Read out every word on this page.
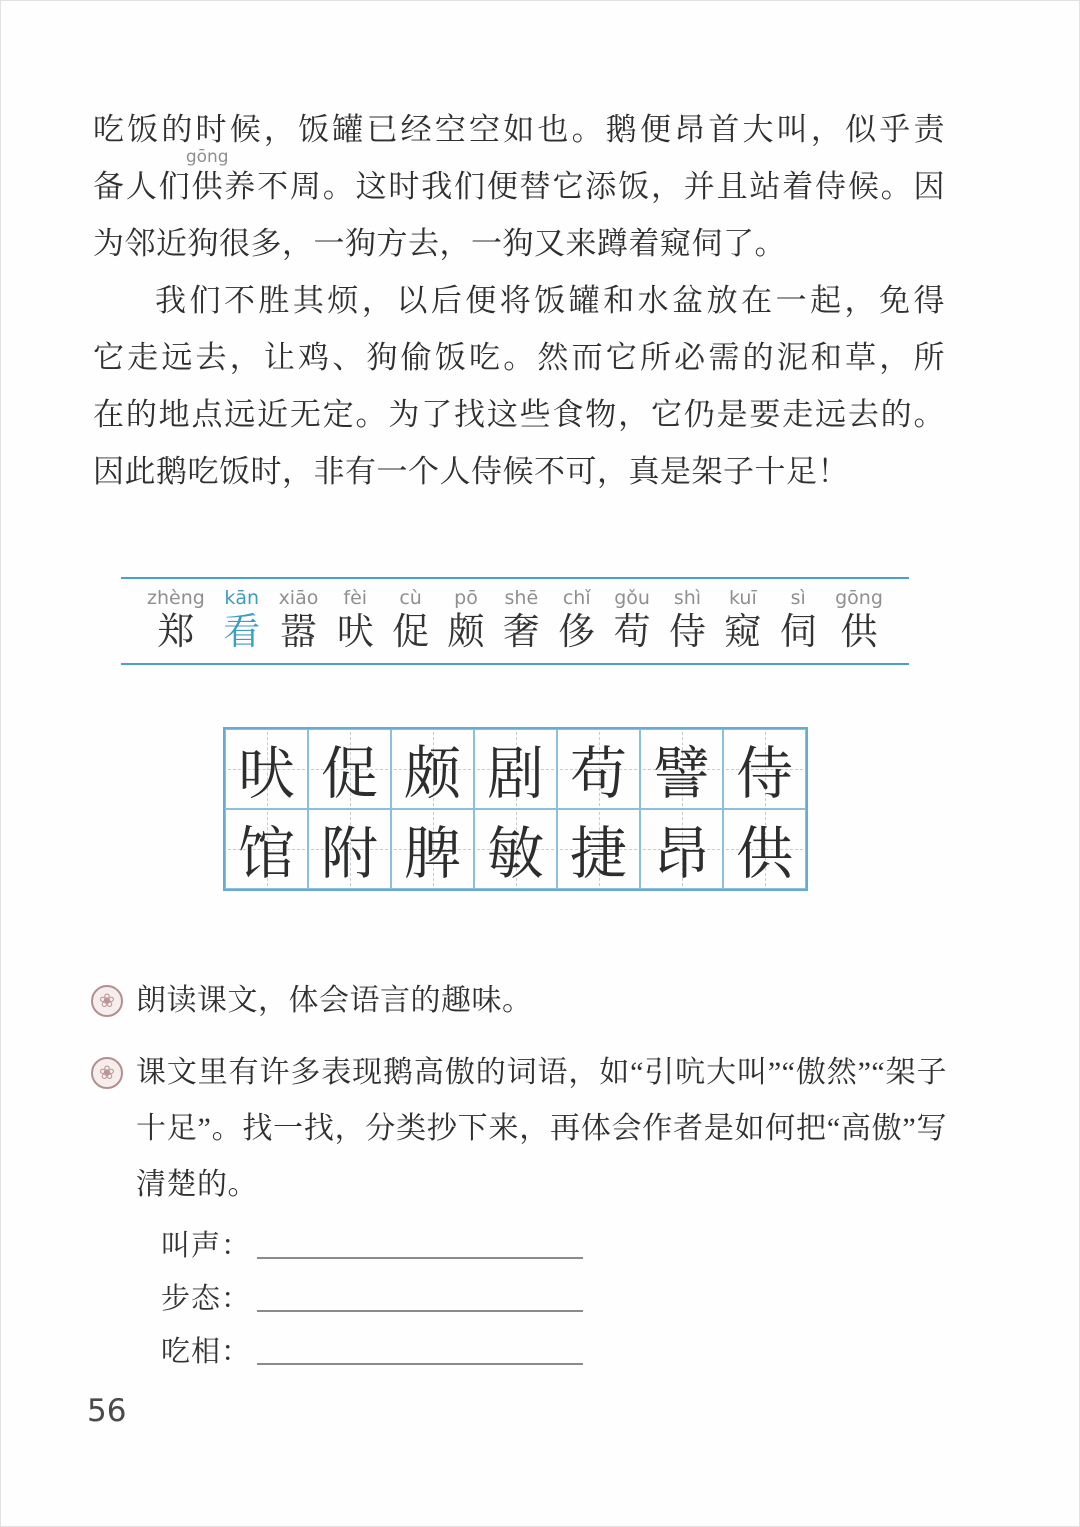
吃饭的时候，饭罐已经空空如也。鹅便昂首大叫，似乎责
备人们
gōng
供养不周。这时我们便替它添饭，并且站着侍候。因
为邻近狗很多，一狗方去，一狗又来蹲着窥伺了。
我们不胜其烦，以后便将饭罐和水盆放在一起，免得
它走远去，让鸡、狗偷饭吃。然而它所必需的泥和草，所
在的地点远近无定。为了找这些食物，它仍是要走远去的。
因此鹅吃饭时，非有一个人侍候不可，真是架子十足！
zhèng
郑
kān
看
xiāo
嚣
fèi
吠
cù
促
pō
颇
shē
奢
chǐ
侈
gǒu
苟
shì
侍
kuī
窥
sì
伺
gōng
供
吠 促 颇 剧 苟 譬 侍
馆 附 脾 敏 捷 昂 供
❀ 朗读课文，体会语言的趣味。
❀ 课文里有许多表现鹅高傲的词语，如“引吭大叫”“傲然”“架子
十足”。找一找，分类抄下来，再体会作者是如何把“高傲”写
清楚的。
叫声：
步态：
吃相：
56
